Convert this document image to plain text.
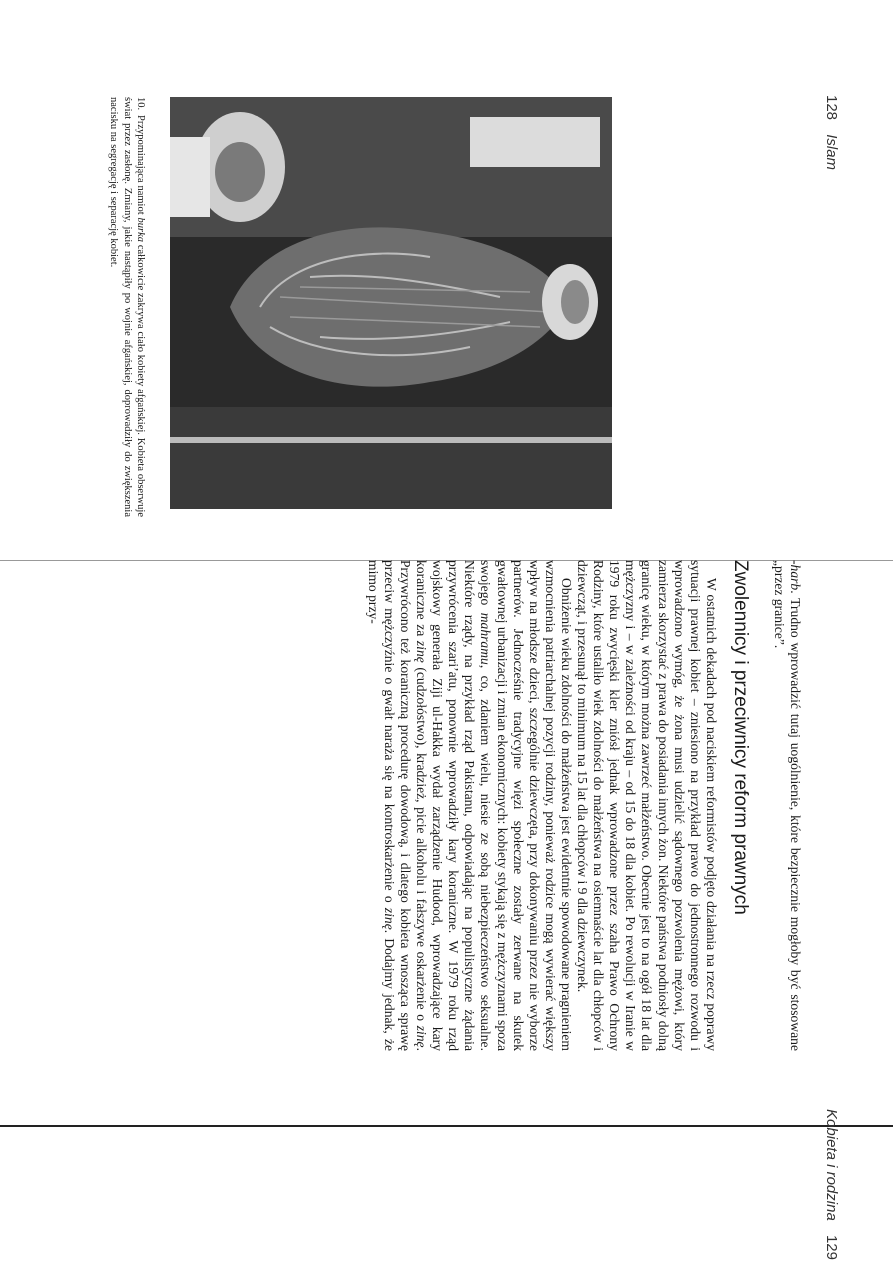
128 Islam
10. Przypominająca namiot burka całkowicie zakrywa ciało kobiety afgańskiej. Kobieta obserwuje świat przez zasłonę. Zmiany, jakie nastąpiły po wojnie afgańskiej, doprowadziły do zwiększenia nacisku na segregację i separację kobiet.
Kobieta i rodzina 129

-harb. Trudno wprowadzić tutaj uogólnienie, które bezpiecznie mogłoby być stosowane „przez granice”.

Zwolennicy i przeciwnicy reform prawnych

W ostatnich dekadach pod naciskiem reformistów podjęto działania na rzecz poprawy sytuacji prawnej kobiet – zniesiono na przykład prawo do jednostronnego rozwodu i wprowadzono wymóg, że żona musi udzielić sądownego pozwolenia mężowi, który zamierza skorzystać z prawa do posiadania innych żon. Niektóre państwa podniosły dolną granicę wieku, w którym można zawrzeć małżeństwo. Obecnie jest to na ogół 18 lat dla mężczyzny i – w zależności od kraju – od 15 do 18 dla kobiet. Po rewolucji w Iranie w 1979 roku zwycięski kler zniósł jednak wprowadzone przez szaha Prawo Ochrony Rodziny, które ustaliło wiek zdolności do małżeństwa na osiemnaście lat dla chłopców i dziewcząt, i przesunął to minimum na 15 lat dla chłopców i 9 dla dziewczynek.

Obniżenie wieku zdolności do małżeństwa jest ewidentnie spowodowane pragnieniem wzmocnienia patriarchalnej pozycji rodziny, ponieważ rodzice mogą wywierać większy wpływ na młodsze dzieci, szczególnie dziewczęta, przy dokonywaniu przez nie wyborze partnerów. Jednocześnie tradycyjne więzi społeczne zostały zerwane na skutek gwałtownej urbanizacji i zmian ekonomicznych: kobiety stykają się z mężczyznami spoza swojego mahramu, co, zdaniem wielu, niesie ze sobą niebezpieczeństwo seksualne. Niektóre rządy, na przykład rząd Pakistanu, odpowiadając na populistyczne żądania przywrócenia szari’atu, ponownie wprowadziły kary koraniczne. W 1979 roku rząd wojskowy generała Ziji ul-Hakka wydał zarządzenie Hudood, wprowadzające kary koraniczne za zinę (cudzołóstwo), kradzież, picie alkoholu i fałszywe oskarżenie o zinę. Przywrócono też koraniczną procedurę dowodową, i dlatego kobieta wnosząca sprawę przeciw mężczyźnie o gwałt naraża się na kontroskarżenie o zinę. Dodajmy jednak, że mimo przy-
